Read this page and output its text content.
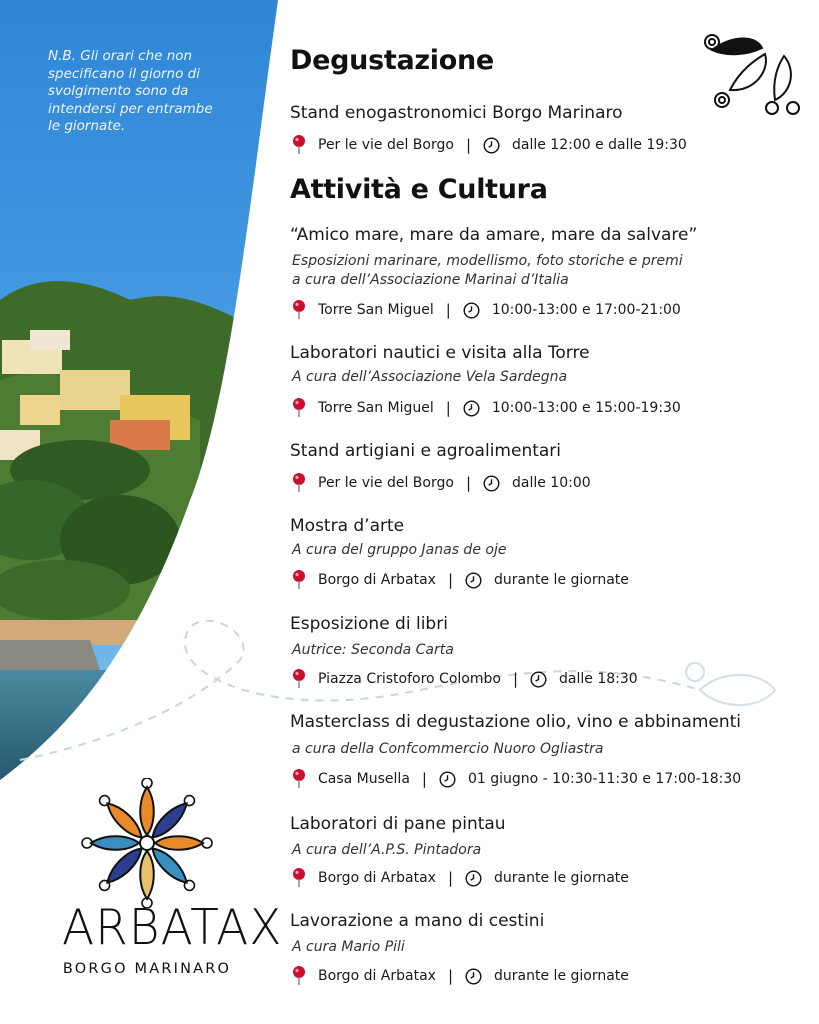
N.B. Gli orari che non specificano il giorno di svolgimento sono da intendersi per entrambe le giornate.
Degustazione
Stand enogastronomici Borgo Marinaro
Per le vie del Borgo |	dalle 12:00 e dalle 19:30
Attività e Cultura
“Amico mare, mare da amare, mare da salvare”
Esposizioni marinare, modellismo, foto storiche e premi
a cura dell’Associazione Marinai d’Italia
Torre San Miguel |	10:00-13:00 e 17:00-21:00
Laboratori nautici e visita alla Torre
A cura dell’Associazione Vela Sardegna
Torre San Miguel |	10:00-13:00 e 15:00-19:30
Stand artigiani e agroalimentari
Per le vie del Borgo |	dalle 10:00
Mostra d’arte
A cura del gruppo Janas de oje
Borgo di Arbatax |	durante le giornate
Esposizione di libri
Autrice: Seconda Carta
Piazza Cristoforo Colombo |	dalle 18:30
Masterclass di degustazione olio, vino e abbinamenti
a cura della Confcommercio Nuoro Ogliastra
Casa Musella |	01 giugno - 10:30-11:30 e 17:00-18:30
Laboratori di pane pintau
A cura dell’A.P.S. Pintadora
Borgo di Arbatax |	durante le giornate
Lavorazione a mano di cestini
A cura Mario Pili
Borgo di Arbatax |	durante le giornate
ARBATAX
BORGO MARINARO
